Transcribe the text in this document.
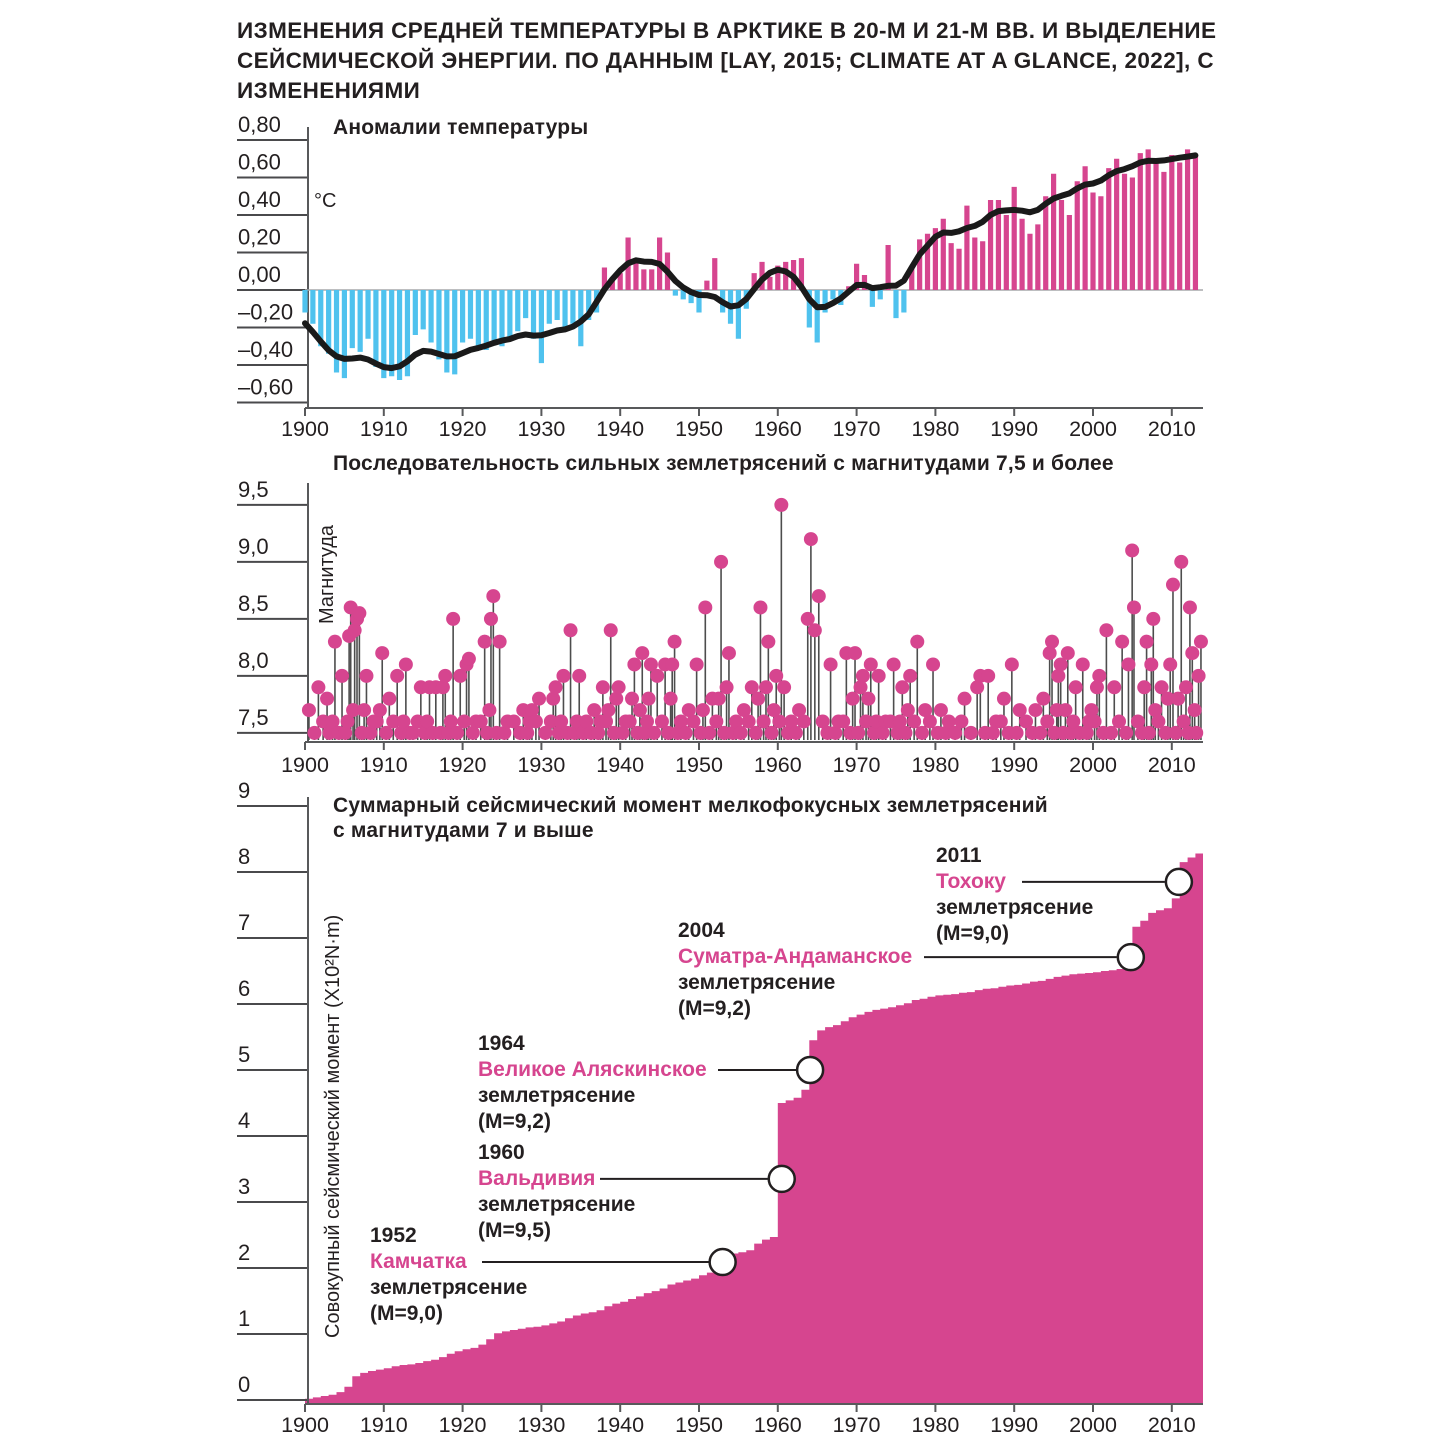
ИЗМЕНЕНИЯ СРЕДНЕЙ ТЕМПЕРАТУРЫ В АРКТИКЕ В 20-М И 21-М ВВ. И ВЫДЕЛЕНИЕ СЕЙСМИЧЕСКОЙ ЭНЕРГИИ. ПО ДАННЫМ [LAY, 2015; CLIMATE AT A GLANCE, 2022], С ИЗМЕНЕНИЯМИ
0,80
0,60
0,40
0,20
0,00
–0,20
–0,40
–0,60
1900 1910 1920 1930 1940 1950 1960 1970 1980 1990 2000 2010
9,5
9,0
8,5
8,0
7,5
1900 1910 1920 1930 1940 1950 1960 1970 1980 1990 2000 2010
9
8
7
6
5
4
3
2
1
0
1900 1910 1920 1930 1940 1950 1960 1970 1980 1990 2000 2010
Аномалии температуры
°C
Последовательность сильных землетрясений с магнитудами 7,5 и более
Магнитуда
Суммарный сейсмический момент мелкофокусных землетрясений
с магнитудами 7 и выше
Совокупный сейсмический момент (X10²N·m) 1952
Камчатка
землетрясение
(М=9,0)
1960
Вальдивия
землетрясение
(М=9,5)
1964
Великое Аляскинское
землетрясение
(М=9,2)
2004
Суматра-Андаманское
землетрясение
(М=9,2)
2011
Тохоку
землетрясение
(М=9,0)
